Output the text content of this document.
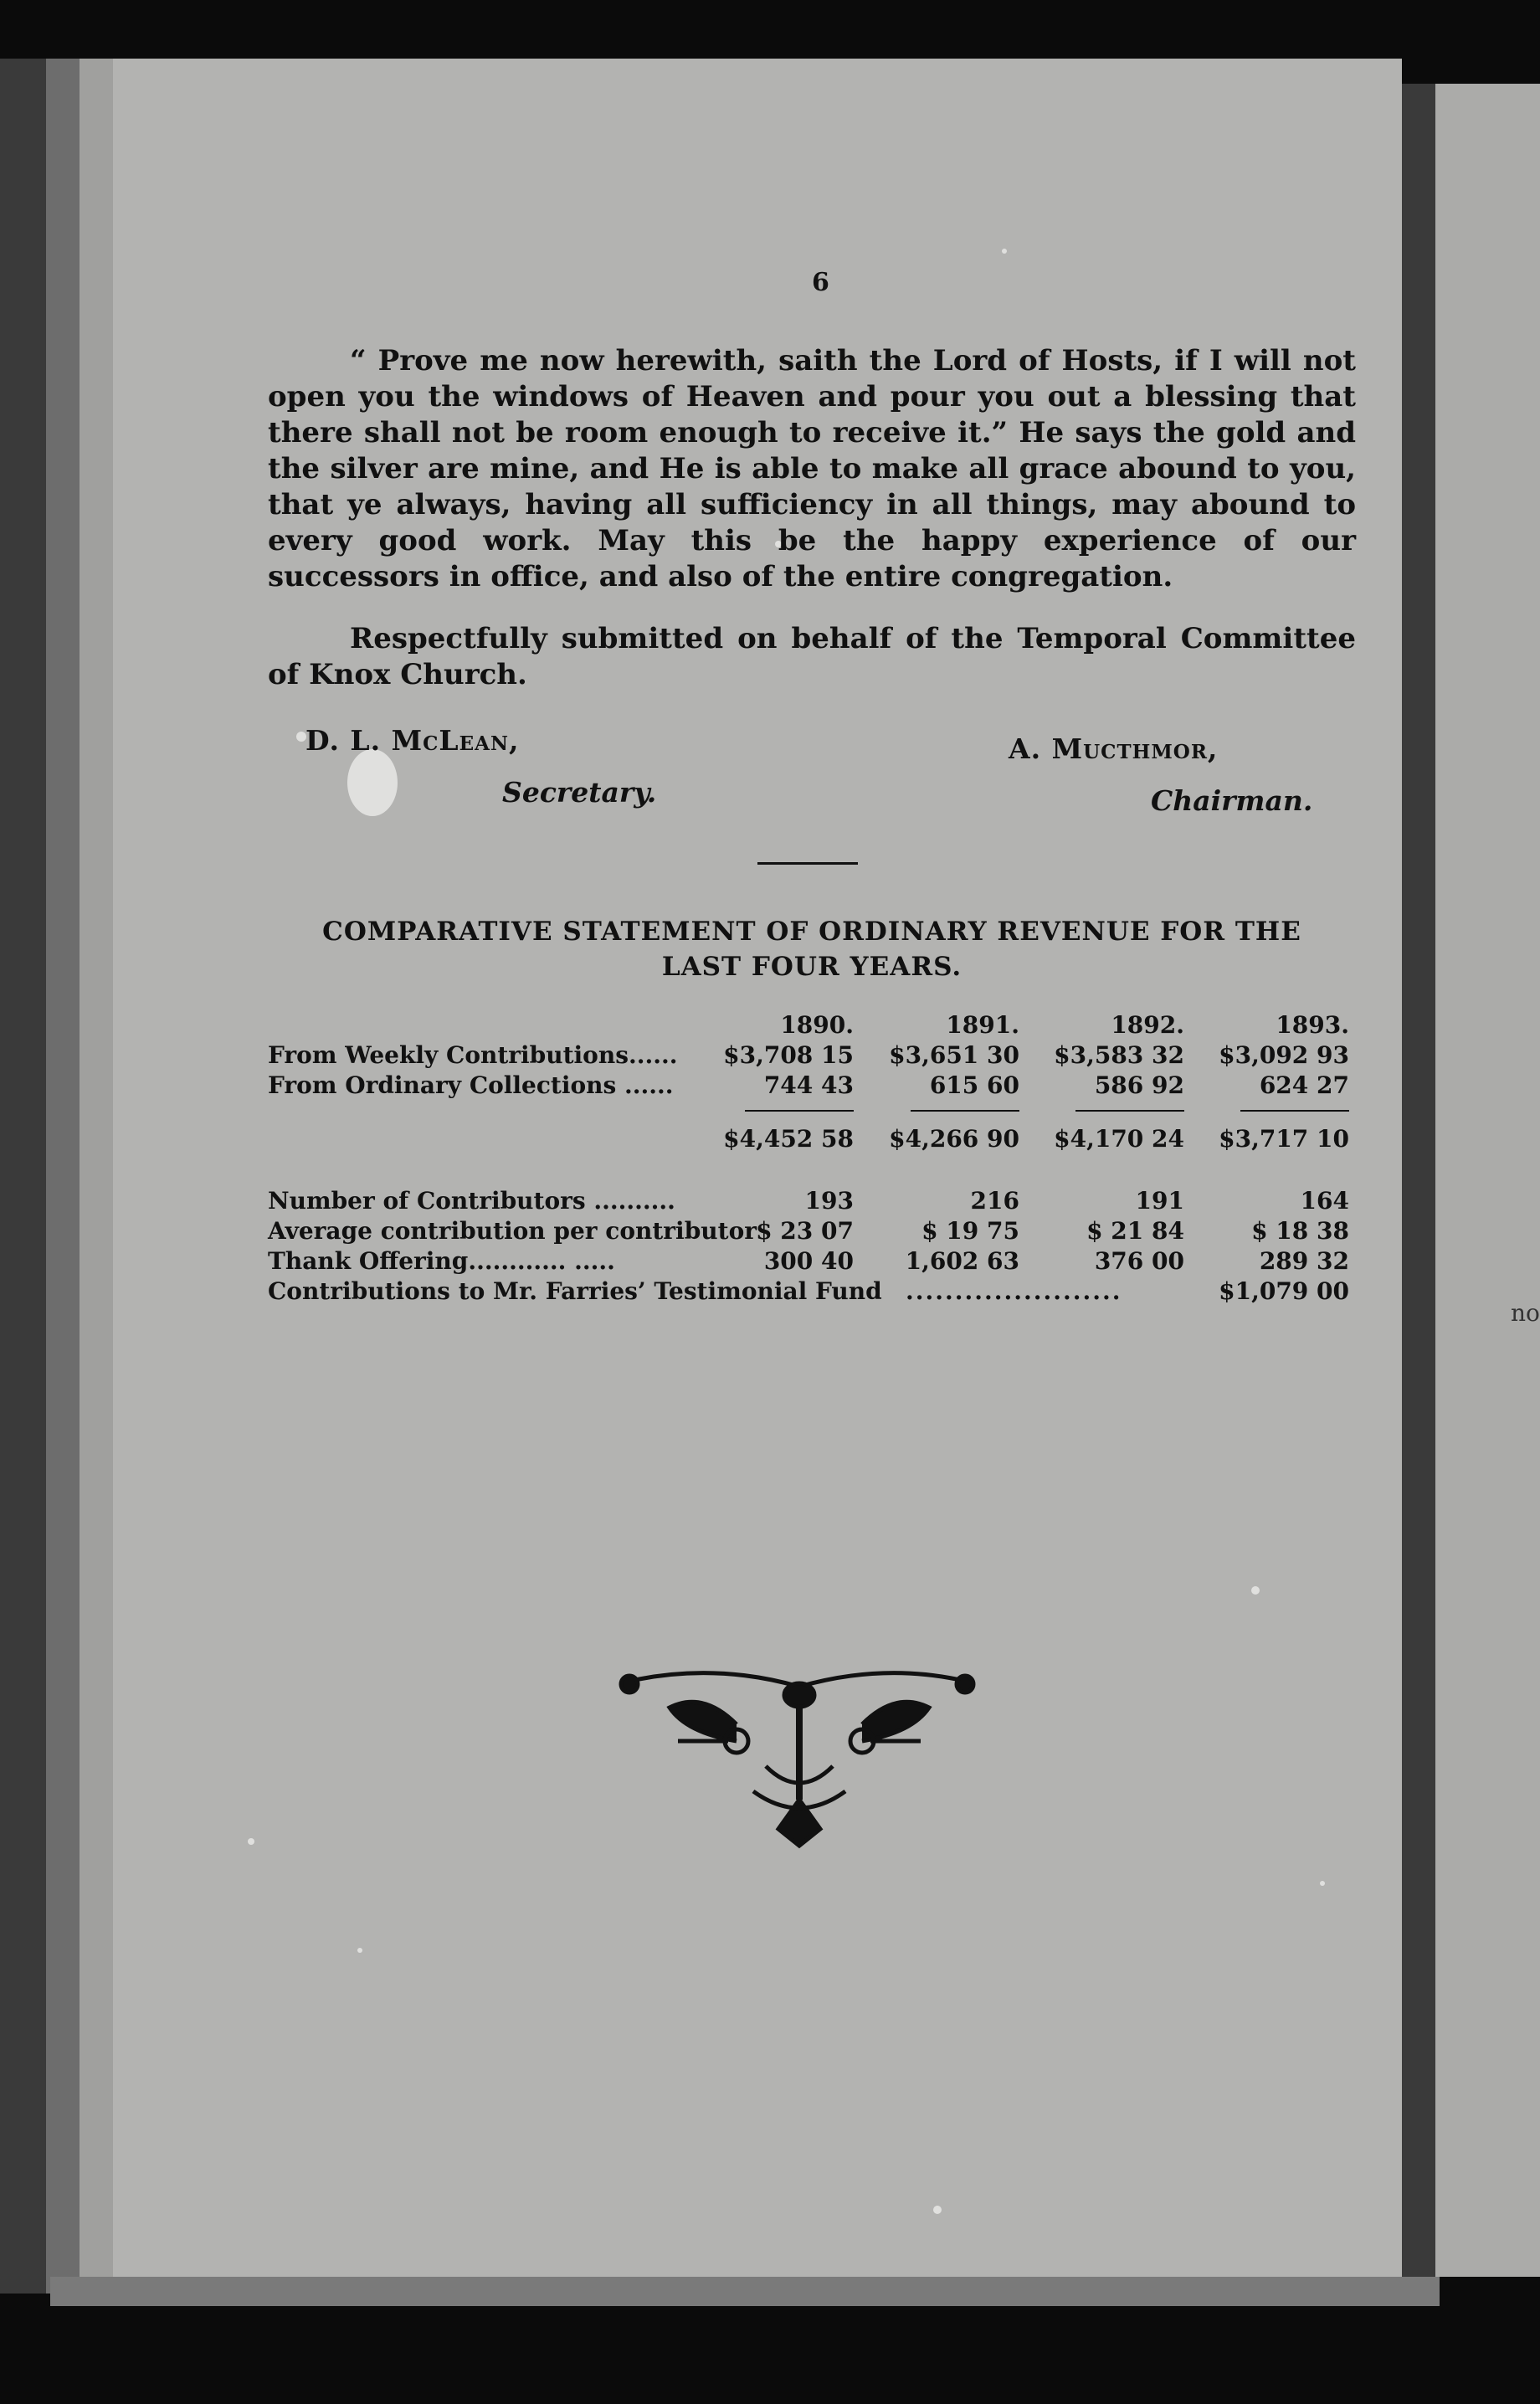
no
6

“ Prove me now herewith, saith the Lord of Hosts, if I will not open you the windows of Heaven and pour you out a blessing that there shall not be room enough to receive it.” He says the gold and the silver are mine, and He is able to make all grace abound to you, that ye always, having all sufficiency in all things, may abound to every good work. May this be the happy experience of our successors in office, and also of the entire congregation.

Respectfully submitted on behalf of the Temporal Committee of Knox Church.

D. L. McLean,
Secretary.
A. Mucthmor,
Chairman.
COMPARATIVE STATEMENT OF ORDINARY REVENUE FOR THE
LAST FOUR YEARS.
1890.	1891.	1892.	1893.
From Weekly Contributions......	$3,708 15	$3,651 30	$3,583 32	$3,092 93
From Ordinary Collections ......	744 43	615 60	586 92	624 27
$4,452 58	$4,266 90	$4,170 24	$3,717 10
Number of Contributors ..........	193	216	191	164
Average contribution per contributor $ 23 07	$ 19 75	$ 21 84	$ 18 38
Thank Offering............ .....	300 40	1,602 63	376 00	289 32
Contributions to Mr. Farries’ Testimonial Fund ......................	$1,079 00
